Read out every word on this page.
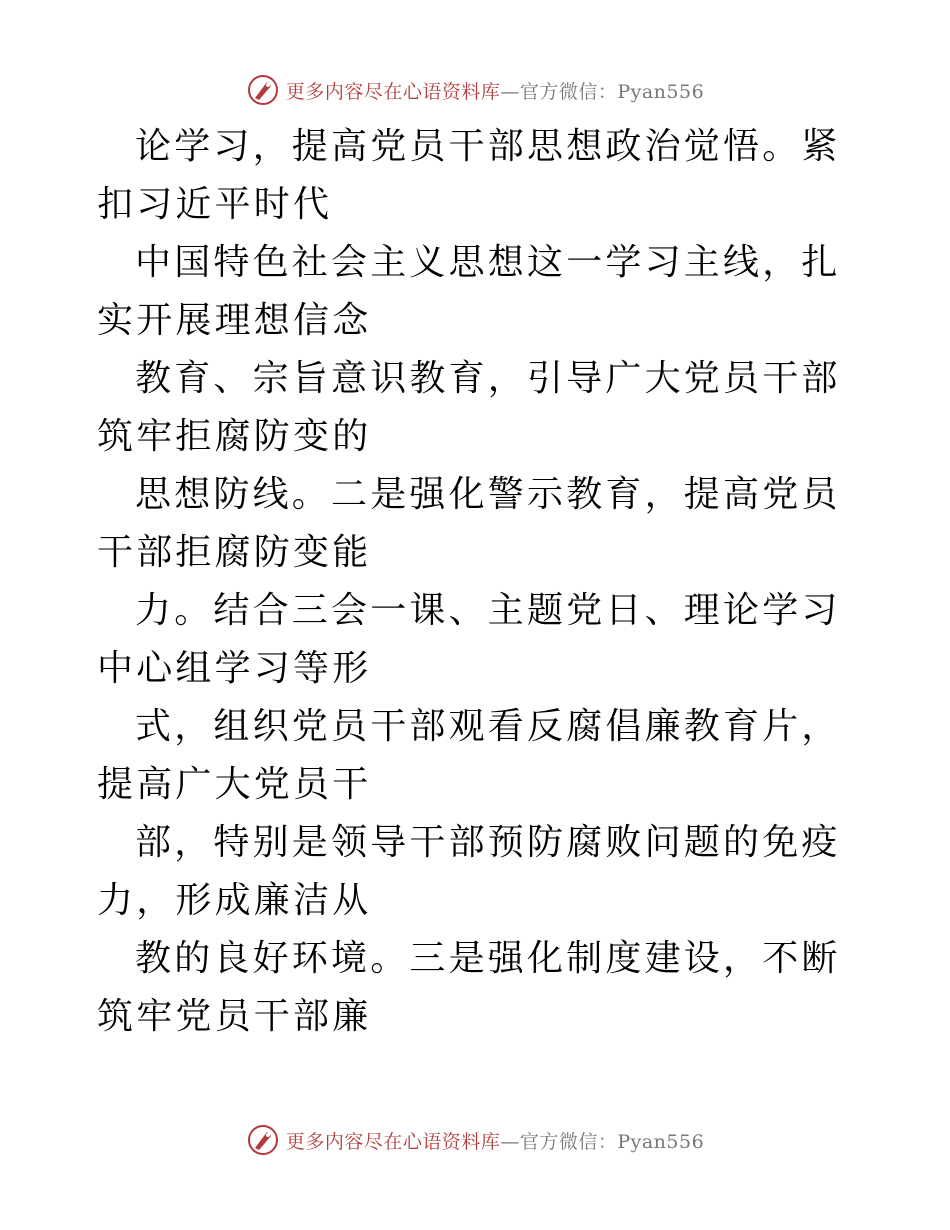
更多内容尽在心语资料库—官方微信：Pyan556

论学习，提高党员干部思想政治觉悟。紧扣习近平时代

中国特色社会主义思想这一学习主线，扎实开展理想信念

教育、宗旨意识教育，引导广大党员干部筑牢拒腐防变的

思想防线。二是强化警示教育，提高党员干部拒腐防变能

力。结合三会一课、主题党日、理论学习中心组学习等形

式，组织党员干部观看反腐倡廉教育片，提高广大党员干

部，特别是领导干部预防腐败问题的免疫力，形成廉洁从

教的良好环境。三是强化制度建设，不断筑牢党员干部廉

更多内容尽在心语资料库—官方微信：Pyan556
